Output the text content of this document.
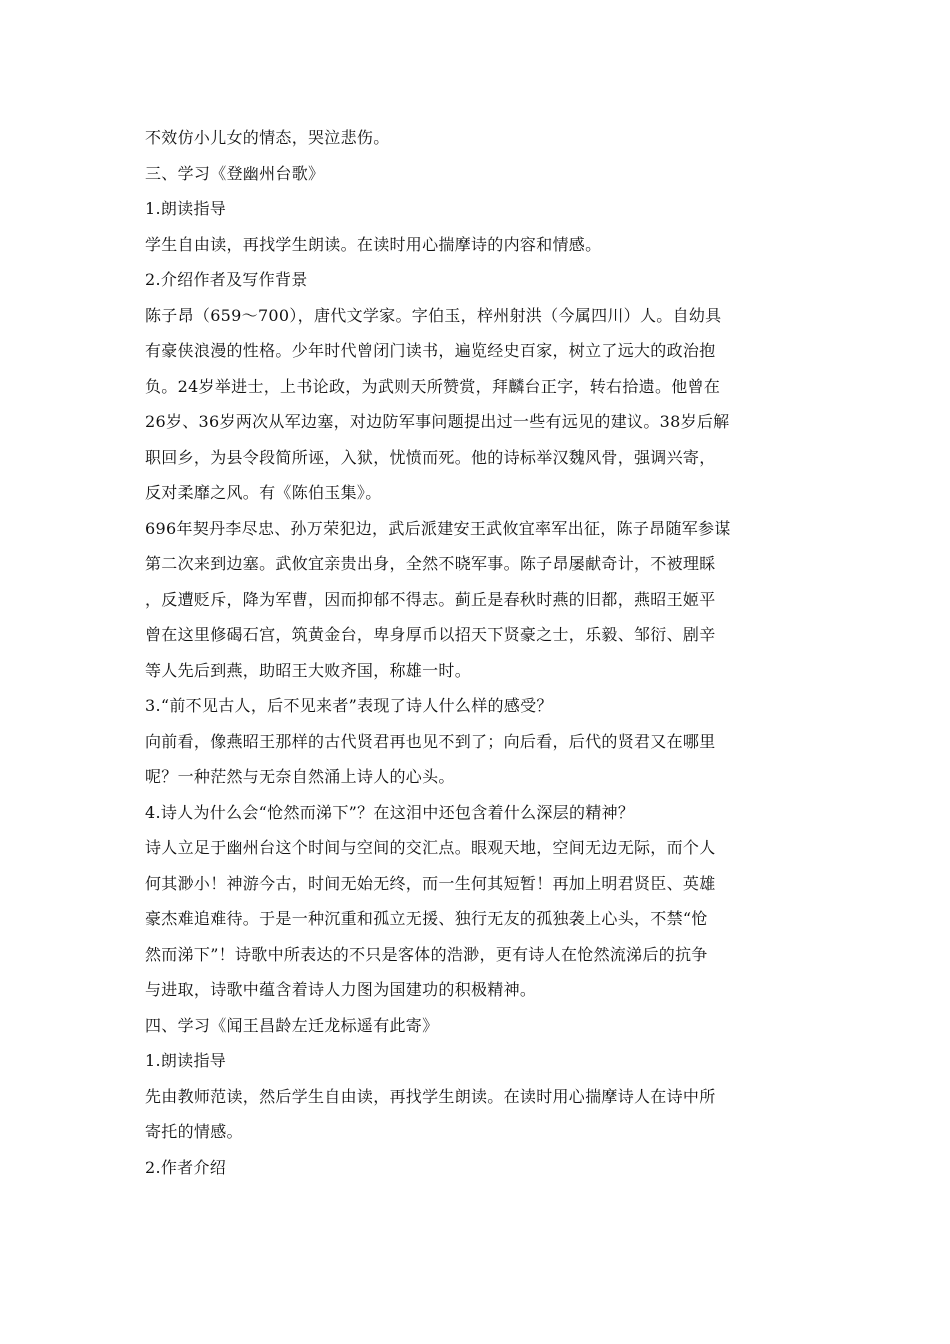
不效仿小儿女的情态，哭泣悲伤。
三、学习《登幽州台歌》
1.朗读指导
学生自由读，再找学生朗读。在读时用心揣摩诗的内容和情感。
2.介绍作者及写作背景
陈子昂（659～700），唐代文学家。字伯玉，梓州射洪（今属四川）人。自幼具
有豪侠浪漫的性格。少年时代曾闭门读书，遍览经史百家，树立了远大的政治抱
负。24岁举进士，上书论政，为武则天所赞赏，拜麟台正字，转右拾遗。他曾在
26岁、36岁两次从军边塞，对边防军事问题提出过一些有远见的建议。38岁后解
职回乡，为县令段简所诬，入狱，忧愤而死。他的诗标举汉魏风骨，强调兴寄，
反对柔靡之风。有《陈伯玉集》。
696年契丹李尽忠、孙万荣犯边，武后派建安王武攸宜率军出征，陈子昂随军参谋
第二次来到边塞。武攸宜亲贵出身，全然不晓军事。陈子昂屡献奇计，不被理睬
，反遭贬斥，降为军曹，因而抑郁不得志。蓟丘是春秋时燕的旧都，燕昭王姬平
曾在这里修碣石宫，筑黄金台，卑身厚币以招天下贤豪之士，乐毅、邹衍、剧辛
等人先后到燕，助昭王大败齐国，称雄一时。
3.“前不见古人，后不见来者”表现了诗人什么样的感受？
向前看，像燕昭王那样的古代贤君再也见不到了；向后看，后代的贤君又在哪里
呢？一种茫然与无奈自然涌上诗人的心头。
4.诗人为什么会“怆然而涕下”？在这泪中还包含着什么深层的精神？
诗人立足于幽州台这个时间与空间的交汇点。眼观天地，空间无边无际，而个人
何其渺小！神游今古，时间无始无终，而一生何其短暂！再加上明君贤臣、英雄
豪杰难追难待。于是一种沉重和孤立无援、独行无友的孤独袭上心头，不禁“怆
然而涕下”！诗歌中所表达的不只是客体的浩渺，更有诗人在怆然流涕后的抗争
与进取，诗歌中蕴含着诗人力图为国建功的积极精神。
四、学习《闻王昌龄左迁龙标遥有此寄》
1.朗读指导
先由教师范读，然后学生自由读，再找学生朗读。在读时用心揣摩诗人在诗中所
寄托的情感。
2.作者介绍
